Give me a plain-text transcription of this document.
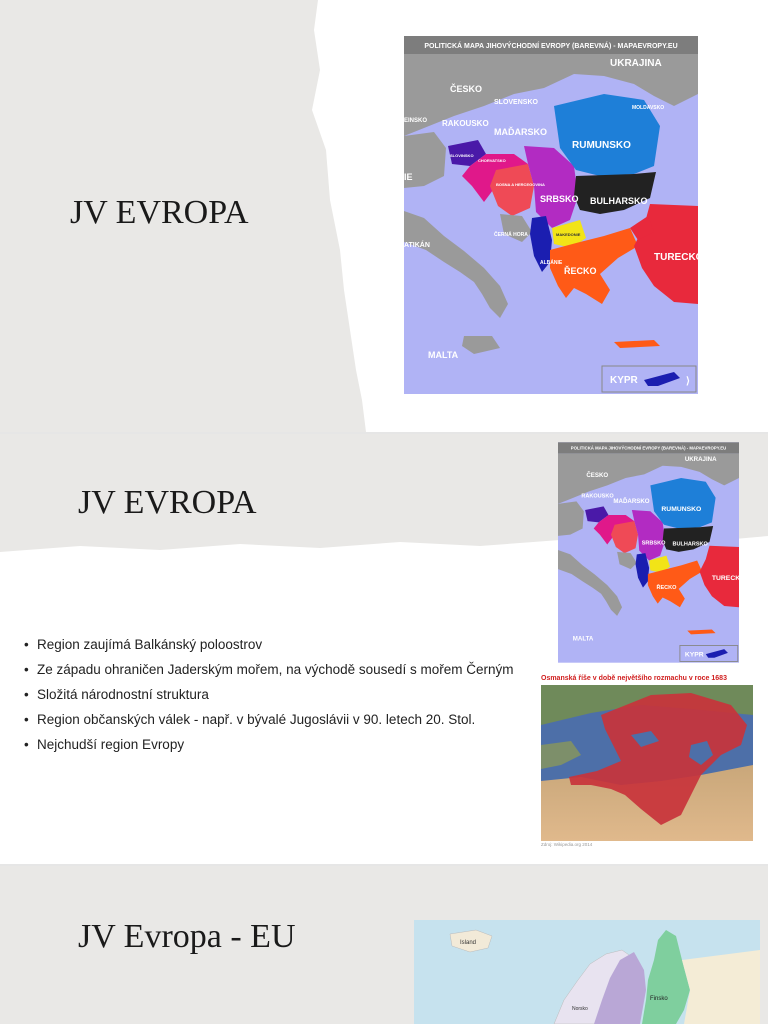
JV EVROPA
POLITICKÁ MAPA JIHOVÝCHODNÍ EVROPY (BAREVNÁ) - MAPAEVROPY.EU
UKRAJINA
ČESKO
SLOVENSKO
MOLDAVSKO
EINSKO RAKOUSKO
MAĎARSKO
RUMUNSKO
SLOVINSKO
CHORVATSKO
IE
BOSNA A HERCEGOVINA
SRBSKO BULHARSKO
ATIKÁN
ČERNÁ HORA	MAKEDONIE
ALBÁNIE
ŘECKO
TURECKO
MALTA
KYPR	⟩
JV EVROPA
• Region zaujímá Balkánský poloostrov
• Ze západu ohraničen Jaderským mořem, na východě sousedí s mořem Černým
• Složitá národnostní struktura
• Region občanských válek - např. v bývalé Jugoslávii v 90. letech 20. Stol.
• Nejchudší region Evropy
POLITICKÁ MAPA JIHOVÝCHODNÍ EVROPY (BAREVNÁ) - MAPAEVROPY.EU
UKRAJINA
ČESKO
RAKOUSKO
MAĎARSKO
RUMUNSKO
SRBSKO BULHARSKO
ŘECKO
TURECKO
MALTA
KYPR
Osmanská říše v době největšího rozmachu v roce 1683
Zdroj: Wikipedia.org 2014
JV Evropa - EU	Island
Norsko
Finsko
